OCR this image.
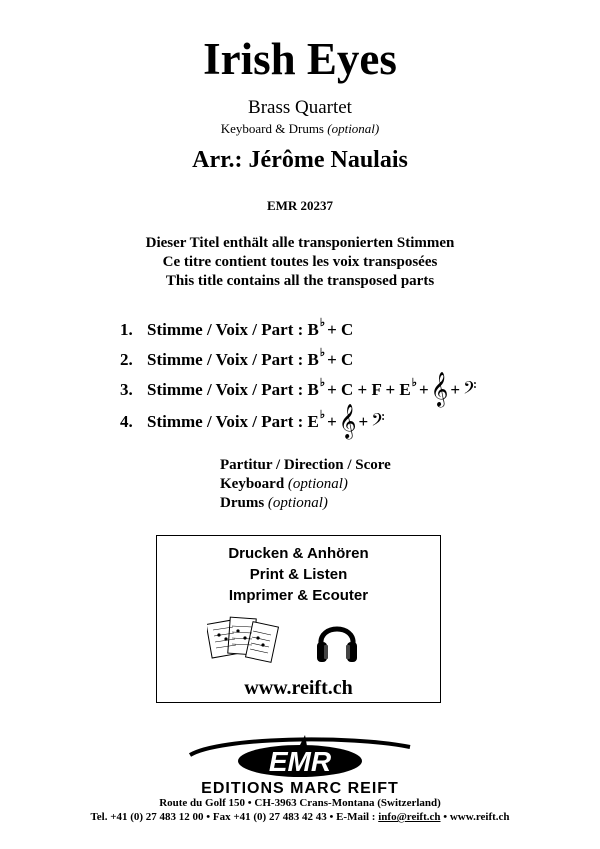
Irish Eyes
Brass Quartet
Keyboard & Drums (optional)
Arr.: Jérôme Naulais
EMR 20237
Dieser Titel enthält alle transponierten Stimmen
Ce titre contient toutes les voix transposées
This title contains all the transposed parts
1. Stimme / Voix / Part :
B ♭ + C
2. Stimme / Voix / Part :
B ♭ + C
3. Stimme / Voix / Part :
B ♭ + C + F + E ♭ + 𝄞 + 𝄢
4. Stimme / Voix / Part :
E ♭ + 𝄞 + 𝄢
Partitur / Direction / Score
Keyboard (optional)
Drums (optional)
Drucken & Anhören
Print & Listen
Imprimer & Ecouter
www.reift.ch
EMR
EDITIONS MARC REIFT
Route du Golf 150 • CH-3963 Crans-Montana (Switzerland)
Tel. +41 (0) 27 483 12 00 • Fax +41 (0) 27 483 42 43 • E-Mail : info@reift.ch • www.reift.ch
